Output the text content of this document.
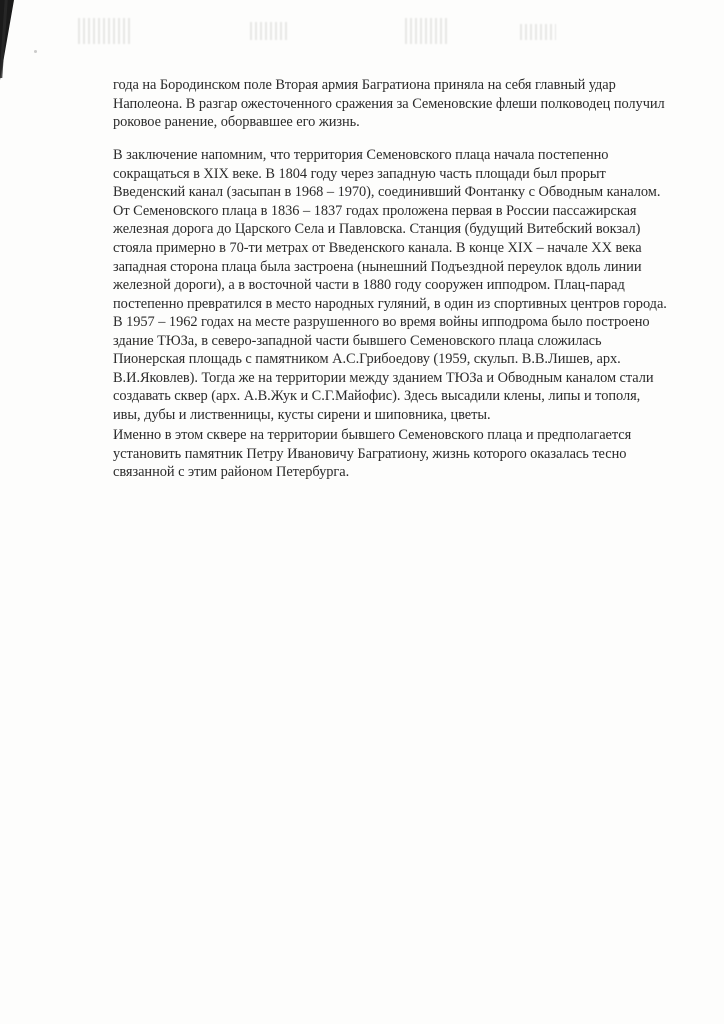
года на Бородинском поле Вторая армия Багратиона приняла на себя главный удар
Наполеона. В разгар ожесточенного сражения за Семеновские флеши полководец получил
роковое ранение, оборвавшее его жизнь.
В заключение напомним, что территория Семеновского плаца начала постепенно
сокращаться в XIX веке. В 1804 году через западную часть площади был прорыт
Введенский канал (засыпан в 1968 – 1970), соединивший Фонтанку с Обводным каналом.
От Семеновского плаца в 1836 – 1837 годах проложена первая в России пассажирская
железная дорога до Царского Села и Павловска. Станция (будущий Витебский вокзал)
стояла примерно в 70-ти метрах от Введенского канала. В конце XIX – начале XX века
западная сторона плаца была застроена (нынешний Подъездной переулок вдоль линии
железной дороги), а в восточной части в 1880 году сооружен ипподром. Плац-парад
постепенно превратился в место народных гуляний, в один из спортивных центров города.
В 1957 – 1962 годах на месте разрушенного во время войны ипподрома было построено
здание ТЮЗа, в северо-западной части бывшего Семеновского плаца сложилась
Пионерская площадь с памятником А.С.Грибоедову (1959, скульп. В.В.Лишев, арх.
В.И.Яковлев). Тогда же на территории между зданием ТЮЗа и Обводным каналом стали
создавать сквер (арх. А.В.Жук и С.Г.Майофис). Здесь высадили клены, липы и тополя,
ивы, дубы и лиственницы, кусты сирени и шиповника, цветы.
Именно в этом сквере на территории бывшего Семеновского плаца и предполагается
установить памятник Петру Ивановичу Багратиону, жизнь которого оказалась тесно
связанной с этим районом Петербурга.
